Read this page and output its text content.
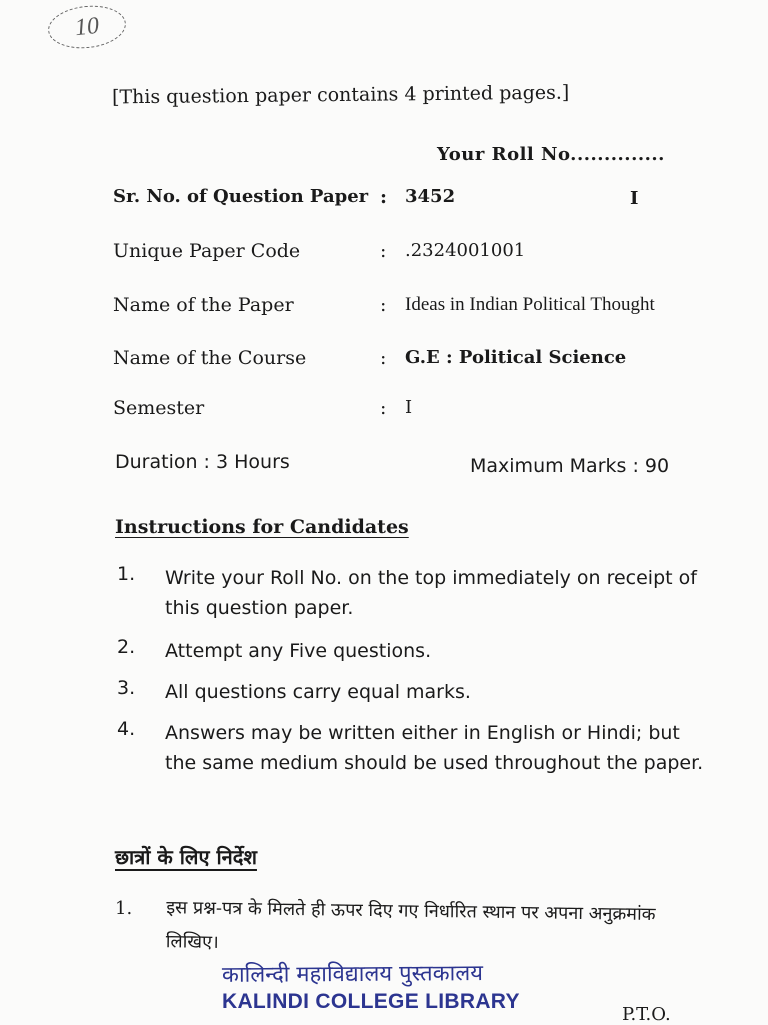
10
[This question paper contains 4 printed pages.]
Your Roll No..............
Sr. No. of Question Paper : 3452	I
Unique Paper Code	: .2324001001
Name of the Paper	: Ideas in Indian Political Thought
Name of the Course	: G.E : Political Science
Semester	: I
Duration : 3 Hours	Maximum Marks : 90
Instructions for Candidates
1. Write your Roll No. on the top immediately on receipt of this question paper.
2. Attempt any Five questions.
3. All questions carry equal marks.
4. Answers may be written either in English or Hindi; but the same medium should be used throughout the paper.
छात्रों के लिए निर्देश
1. इस प्रश्न-पत्र के मिलते ही ऊपर दिए गए निर्धारित स्थान पर अपना अनुक्रमांक लिखिए।
कालिन्दी महाविद्यालय पुस्तकालय
KALINDI COLLEGE LIBRARY
P.T.O.
